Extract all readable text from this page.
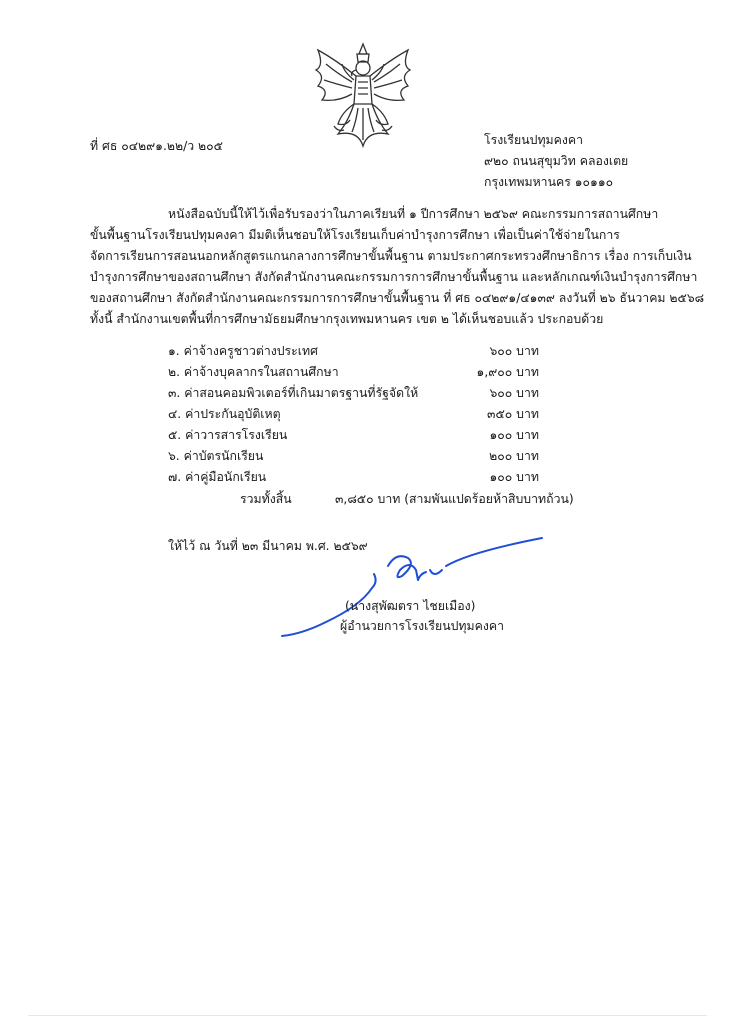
ที่ ศธ ๐๔๒๙๑.๒๒/ว ๒๐๕	โรงเรียนปทุมคงคา
๙๒๐ ถนนสุขุมวิท คลองเตย
กรุงเทพมหานคร ๑๐๑๑๐
หนังสือฉบับนี้ให้ไว้เพื่อรับรองว่าในภาคเรียนที่ ๑ ปีการศึกษา ๒๕๖๙ คณะกรรมการสถานศึกษา
ขั้นพื้นฐานโรงเรียนปทุมคงคา มีมติเห็นชอบให้โรงเรียนเก็บค่าบำรุงการศึกษา เพื่อเป็นค่าใช้จ่ายในการ
จัดการเรียนการสอนนอกหลักสูตรแกนกลางการศึกษาขั้นพื้นฐาน ตามประกาศกระทรวงศึกษาธิการ เรื่อง การเก็บเงิน
บำรุงการศึกษาของสถานศึกษา สังกัดสำนักงานคณะกรรมการการศึกษาขั้นพื้นฐาน และหลักเกณฑ์เงินบำรุงการศึกษา
ของสถานศึกษา สังกัดสำนักงานคณะกรรมการการศึกษาขั้นพื้นฐาน ที่ ศธ ๐๔๒๙๑/๔๑๓๙ ลงวันที่ ๒๖ ธันวาคม ๒๕๖๘
ทั้งนี้ สำนักงานเขตพื้นที่การศึกษามัธยมศึกษากรุงเทพมหานคร เขต ๒ ได้เห็นชอบแล้ว ประกอบด้วย
๑. ค่าจ้างครูชาวต่างประเทศ	๖๐๐ บาท
๒. ค่าจ้างบุคลากรในสถานศึกษา	๑,๙๐๐ บาท
๓. ค่าสอนคอมพิวเตอร์ที่เกินมาตรฐานที่รัฐจัดให้	๖๐๐ บาท
๔. ค่าประกันอุบัติเหตุ	๓๕๐ บาท
๕. ค่าวารสารโรงเรียน	๑๐๐ บาท
๖. ค่าบัตรนักเรียน	๒๐๐ บาท
๗. ค่าคู่มือนักเรียน	๑๐๐ บาท
รวมทั้งสิ้น	๓,๘๕๐ บาท (สามพันแปดร้อยห้าสิบบาทถ้วน)
ให้ไว้ ณ วันที่ ๒๓ มีนาคม พ.ศ. ๒๕๖๙
(นางสุพัฒตรา ไชยเมือง)
ผู้อำนวยการโรงเรียนปทุมคงคา
